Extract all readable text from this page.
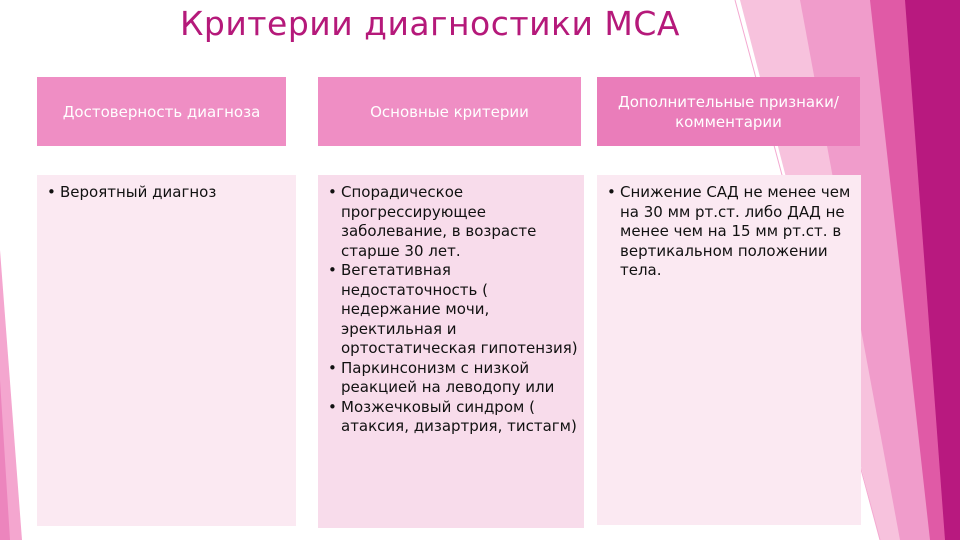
Критерии диагностики МСА
Достоверность диагноза	Основные критерии
Дополнительные признаки/ комментарии
• Вероятный диагноз
•	Спорадическое прогрессирующее заболевание, в возрасте старше 30 лет.
• Вегетативная недостаточность ( недержание мочи, эректильная и ортостатическая гипотензия)
• Паркинсонизм с низкой реакцией на леводопу или
• Мозжечковый синдром ( атаксия, дизартрия, тистагм)
• Снижение САД не менее чем на 30 мм рт.ст. либо ДАД не менее чем на 15 мм рт.ст. в вертикальном положении тела.
